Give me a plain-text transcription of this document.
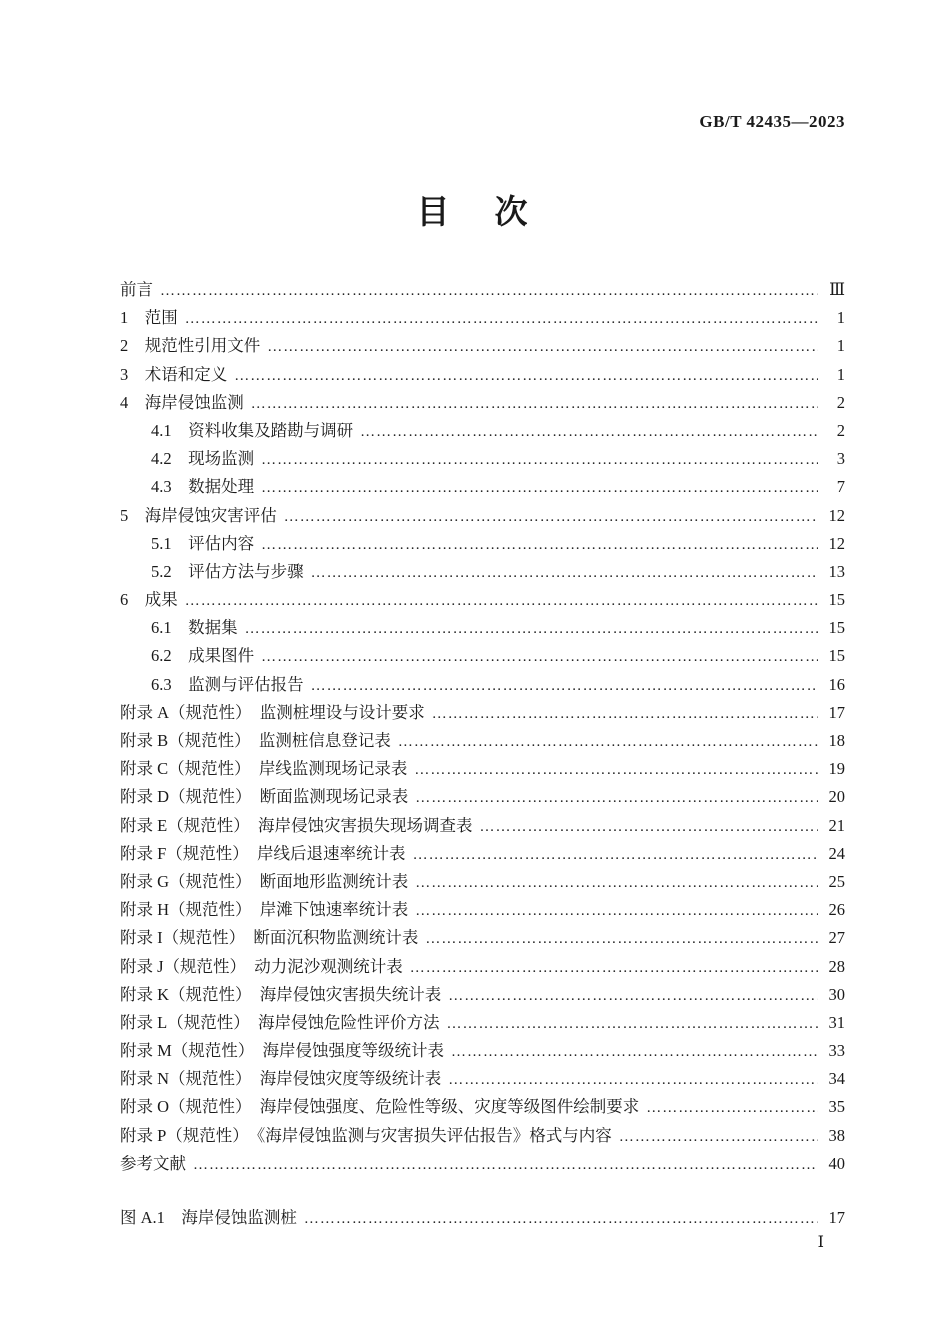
GB/T 42435—2023
目　次
前言 ………………………………………………………………………………………………………………………………………………………………………………………………………………………………	Ⅲ
1　范围 ………………………………………………………………………………………………………………………………………………………………………………………………………………………………	1
2　规范性引用文件 ………………………………………………………………………………………………………………………………………………………………………………………………………………………………	1
3　术语和定义 ………………………………………………………………………………………………………………………………………………………………………………………………………………………………	1
4　海岸侵蚀监测 ………………………………………………………………………………………………………………………………………………………………………………………………………………………………	2
4.1　资料收集及踏勘与调研 ………………………………………………………………………………………………………………………………………………………………………………………………………………………………	2
4.2　现场监测 ………………………………………………………………………………………………………………………………………………………………………………………………………………………………	3
4.3　数据处理 ………………………………………………………………………………………………………………………………………………………………………………………………………………………………	7
5　海岸侵蚀灾害评估 ………………………………………………………………………………………………………………………………………………………………………………………………………………………………	12
5.1　评估内容 ………………………………………………………………………………………………………………………………………………………………………………………………………………………………	12
5.2　评估方法与步骤 ………………………………………………………………………………………………………………………………………………………………………………………………………………………………	13
6　成果 ………………………………………………………………………………………………………………………………………………………………………………………………………………………………	15
6.1　数据集 ………………………………………………………………………………………………………………………………………………………………………………………………………………………………	15
6.2　成果图件 ………………………………………………………………………………………………………………………………………………………………………………………………………………………………	15
6.3　监测与评估报告 ………………………………………………………………………………………………………………………………………………………………………………………………………………………………	16
附录 A（规范性）　监测桩埋设与设计要求 ………………………………………………………………………………………………………………………………………………………………………………………………………………………………	17
附录 B（规范性）　监测桩信息登记表 ………………………………………………………………………………………………………………………………………………………………………………………………………………………………	18
附录 C（规范性）　岸线监测现场记录表 ………………………………………………………………………………………………………………………………………………………………………………………………………………………………	19
附录 D（规范性）　断面监测现场记录表 ………………………………………………………………………………………………………………………………………………………………………………………………………………………………	20
附录 E（规范性）　海岸侵蚀灾害损失现场调查表 ………………………………………………………………………………………………………………………………………………………………………………………………………………………………	21
附录 F（规范性）　岸线后退速率统计表 ………………………………………………………………………………………………………………………………………………………………………………………………………………………………	24
附录 G（规范性）　断面地形监测统计表 ………………………………………………………………………………………………………………………………………………………………………………………………………………………………	25
附录 H（规范性）　岸滩下蚀速率统计表 ………………………………………………………………………………………………………………………………………………………………………………………………………………………………	26
附录 I（规范性）　断面沉积物监测统计表 ………………………………………………………………………………………………………………………………………………………………………………………………………………………………	27
附录 J（规范性）　动力泥沙观测统计表 ………………………………………………………………………………………………………………………………………………………………………………………………………………………………	28
附录 K（规范性）　海岸侵蚀灾害损失统计表 ………………………………………………………………………………………………………………………………………………………………………………………………………………………………	30
附录 L（规范性）　海岸侵蚀危险性评价方法 ………………………………………………………………………………………………………………………………………………………………………………………………………………………………	31
附录 M（规范性）　海岸侵蚀强度等级统计表 ………………………………………………………………………………………………………………………………………………………………………………………………………………………………	33
附录 N（规范性）　海岸侵蚀灾度等级统计表 ………………………………………………………………………………………………………………………………………………………………………………………………………………………………	34
附录 O（规范性）　海岸侵蚀强度、危险性等级、灾度等级图件绘制要求 ………………………………………………………………………………………………………………………………………………………………………………………………………………………………	35
附录 P（规范性）　《海岸侵蚀监测与灾害损失评估报告》格式与内容 ………………………………………………………………………………………………………………………………………………………………………………………………………………………………	38
参考文献 ………………………………………………………………………………………………………………………………………………………………………………………………………………………………	40
图 A.1　海岸侵蚀监测桩 ………………………………………………………………………………………………………………………………………………………………………………………………………………………………	17
Ⅰ
